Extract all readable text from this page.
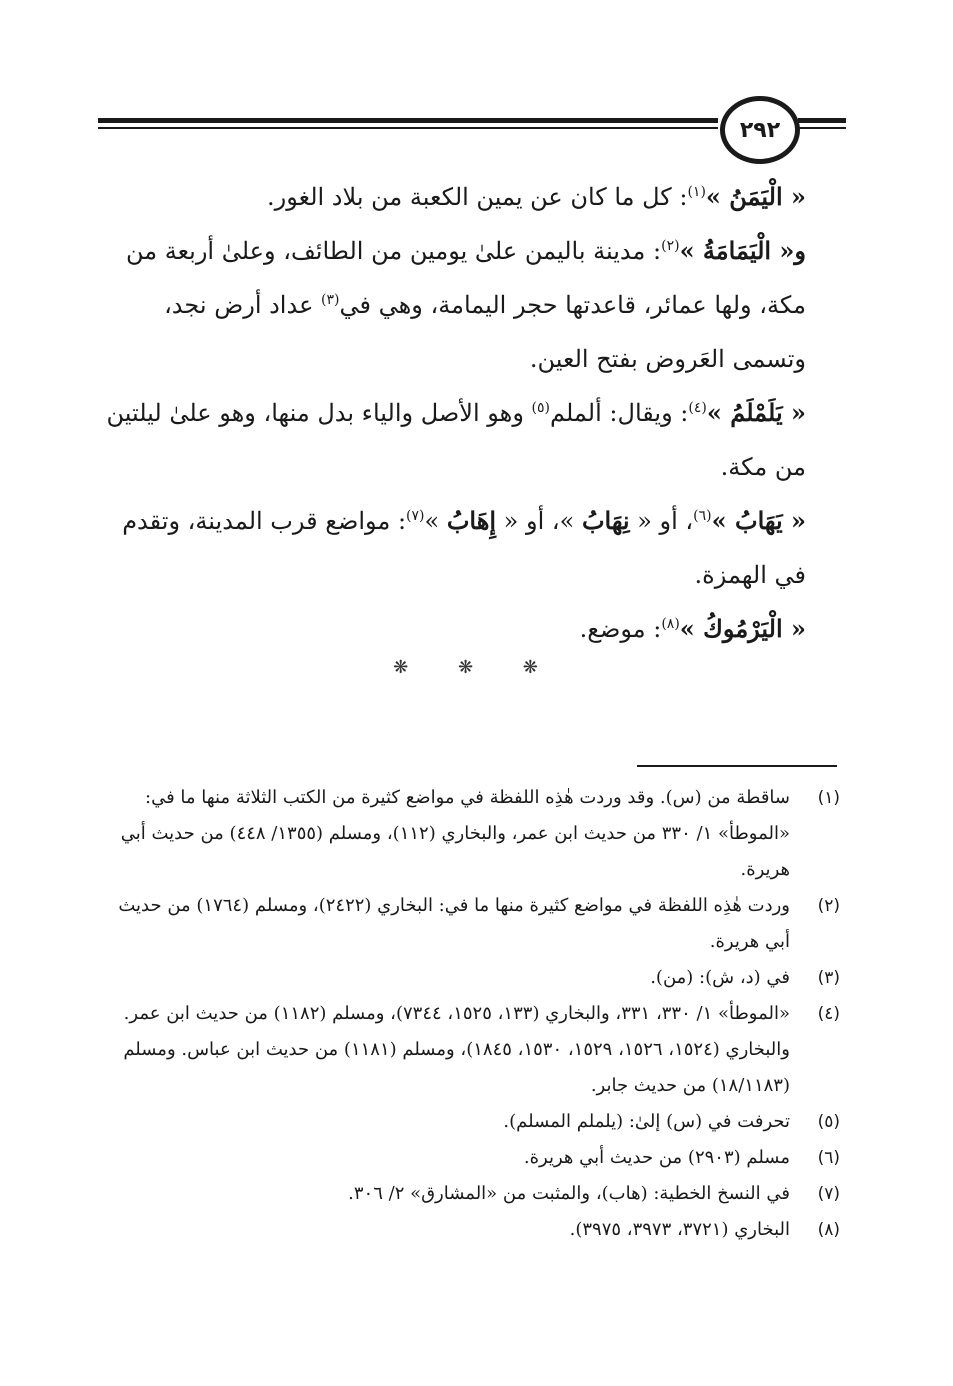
٢٩٢

« الْيَمَنُ »$^{(١)}$: كل ما كان عن يمين الكعبة من بلاد الغور.

و« الْيَمَامَةُ »$^{(٢)}$: مدينة باليمن علىٰ يومين من الطائف، وعلىٰ أربعة من مكة، ولها عمائر، قاعدتها حجر اليمامة، وهي في$^{(٣)}$ عداد أرض نجد، وتسمى العَروض بفتح العين.

« يَلَمْلَمُ »$^{(٤)}$: ويقال: ألملم$^{(٥)}$ وهو الأصل والياء بدل منها، وهو علىٰ ليلتين من مكة.

« يَهَابُ »$^{(٦)}$، أو « نِهَابُ »، أو « إِهَابُ »$^{(٧)}$: مواضع قرب المدينة، وتقدم في الهمزة.

« الْيَرْمُوكُ »$^{(٨)}$: موضع.

❋ ❋ ❋
(١)
ساقطة من (س). وقد وردت هٰذِه اللفظة في مواضع كثيرة من الكتب الثلاثة منها ما في: «الموطأ» ١/ ٣٣٠ من حديث ابن عمر، والبخاري (١١٢)، ومسلم (١٣٥٥/ ٤٤٨) من حديث أبي هريرة.
(٢)
وردت هٰذِه اللفظة في مواضع كثيرة منها ما في: البخاري (٢٤٢٢)، ومسلم (١٧٦٤) من حديث أبي هريرة.
(٣)
في (د، ش): (من).
(٤)
«الموطأ» ١/ ٣٣٠، ٣٣١، والبخاري (١٣٣، ١٥٢٥، ٧٣٤٤)، ومسلم (١١٨٢) من حديث ابن عمر. والبخاري (١٥٢٤، ١٥٢٦، ١٥٢٩، ١٥٣٠، ١٨٤٥)، ومسلم (١١٨١) من حديث ابن عباس. ومسلم (١٨/١١٨٣) من حديث جابر.
(٥)
تحرفت في (س) إلىٰ: (يلملم المسلم).
(٦)
مسلم (٢٩٠٣) من حديث أبي هريرة.
(٧)
في النسخ الخطية: (هاب)، والمثبت من «المشارق» ٢/ ٣٠٦.
(٨)
البخاري (٣٧٢١، ٣٩٧٣، ٣٩٧٥).
